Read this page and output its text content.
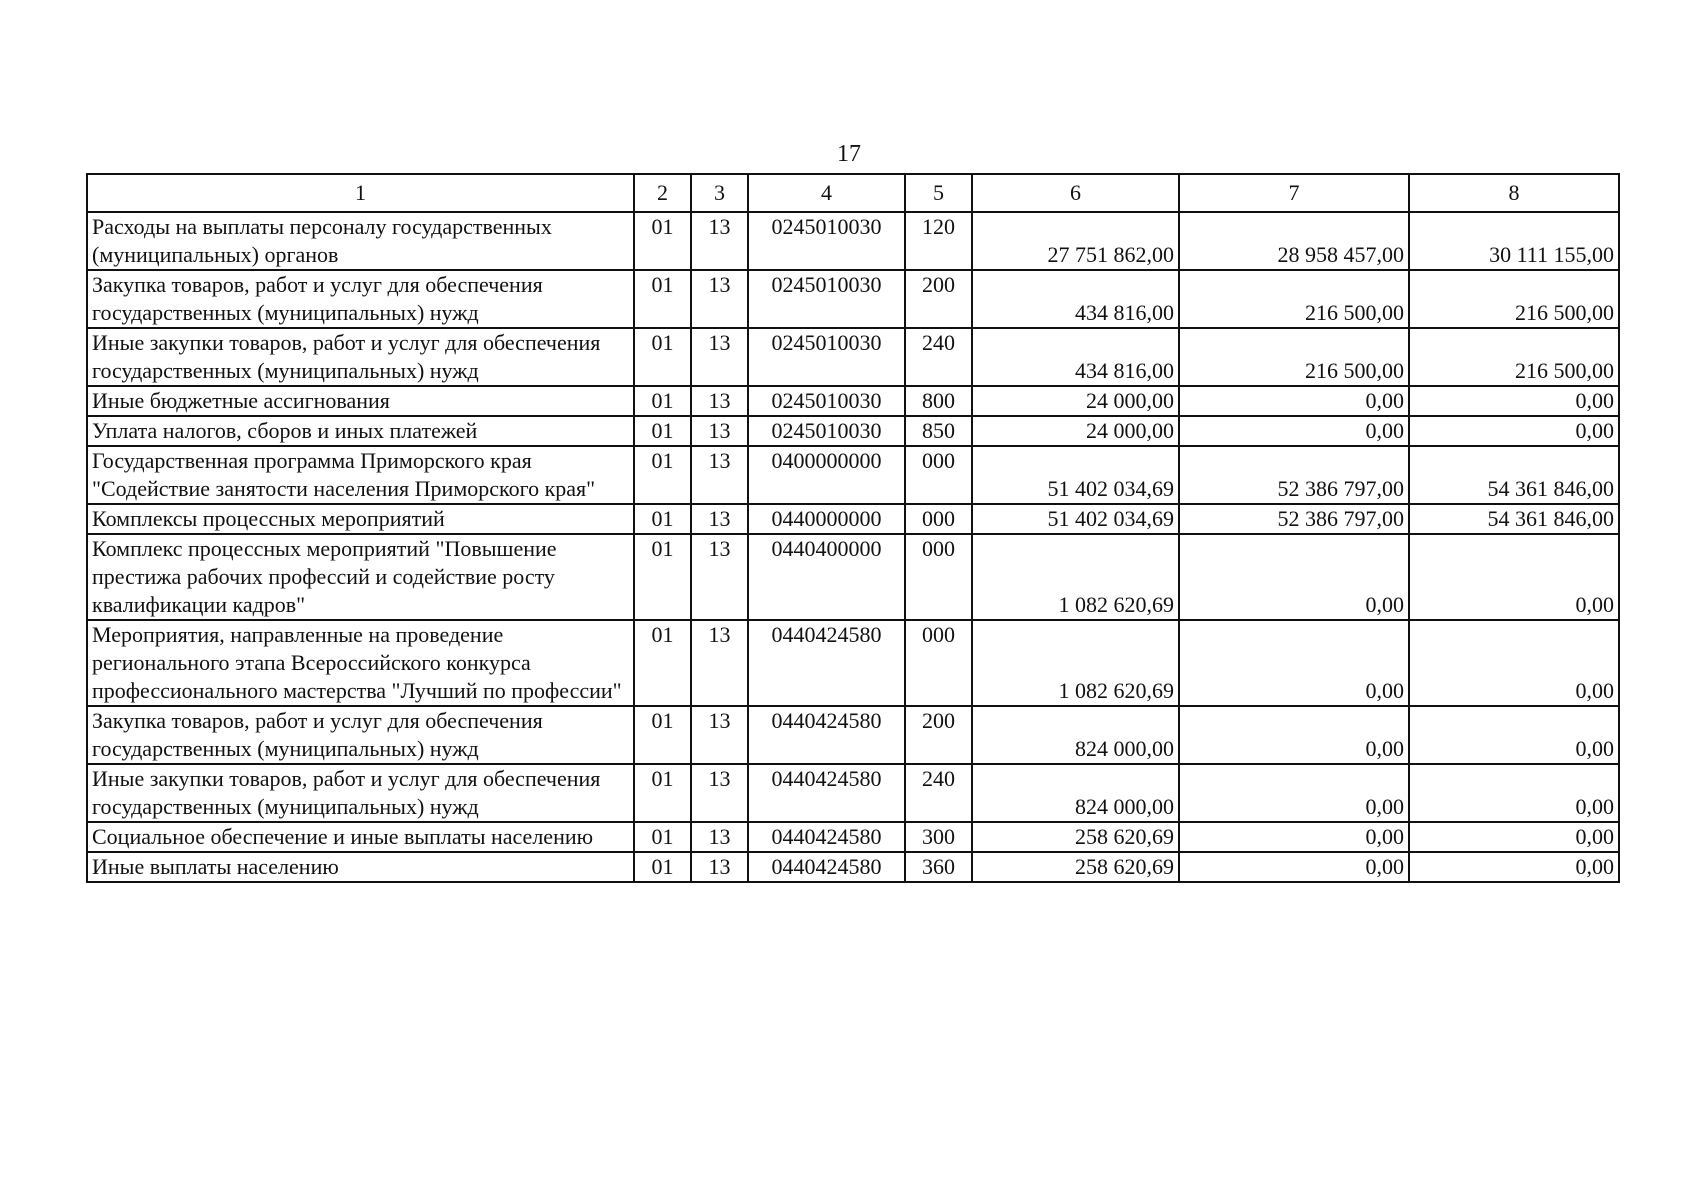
17
1	2	3	4	5	6	7	8
Расходы на выплаты персоналу государственных (муниципальных) органов	01	13	0245010030	120	27 751 862,00	28 958 457,00	30 111 155,00
Закупка товаров, работ и услуг для обеспечения государственных (муниципальных) нужд	01	13	0245010030	200	434 816,00	216 500,00	216 500,00
Иные закупки товаров, работ и услуг для обеспечения государственных (муниципальных) нужд	01	13	0245010030	240	434 816,00	216 500,00	216 500,00
Иные бюджетные ассигнования	01	13	0245010030	800	24 000,00	0,00	0,00
Уплата налогов, сборов и иных платежей	01	13	0245010030	850	24 000,00	0,00	0,00
Государственная программа Приморского края "Содействие занятости населения Приморского края"	01	13	0400000000	000	51 402 034,69	52 386 797,00	54 361 846,00
Комплексы процессных мероприятий	01	13	0440000000	000	51 402 034,69	52 386 797,00	54 361 846,00
Комплекс процессных мероприятий "Повышение престижа рабочих профессий и содействие росту квалификации кадров"	01	13	0440400000	000	1 082 620,69	0,00	0,00
Мероприятия, направленные на проведение регионального этапа Всероссийского конкурса профессионального мастерства "Лучший по профессии"	01	13	0440424580	000	1 082 620,69	0,00	0,00
Закупка товаров, работ и услуг для обеспечения государственных (муниципальных) нужд	01	13	0440424580	200	824 000,00	0,00	0,00
Иные закупки товаров, работ и услуг для обеспечения государственных (муниципальных) нужд	01	13	0440424580	240	824 000,00	0,00	0,00
Социальное обеспечение и иные выплаты населению	01	13	0440424580	300	258 620,69	0,00	0,00
Иные выплаты населению	01	13	0440424580	360	258 620,69	0,00	0,00
